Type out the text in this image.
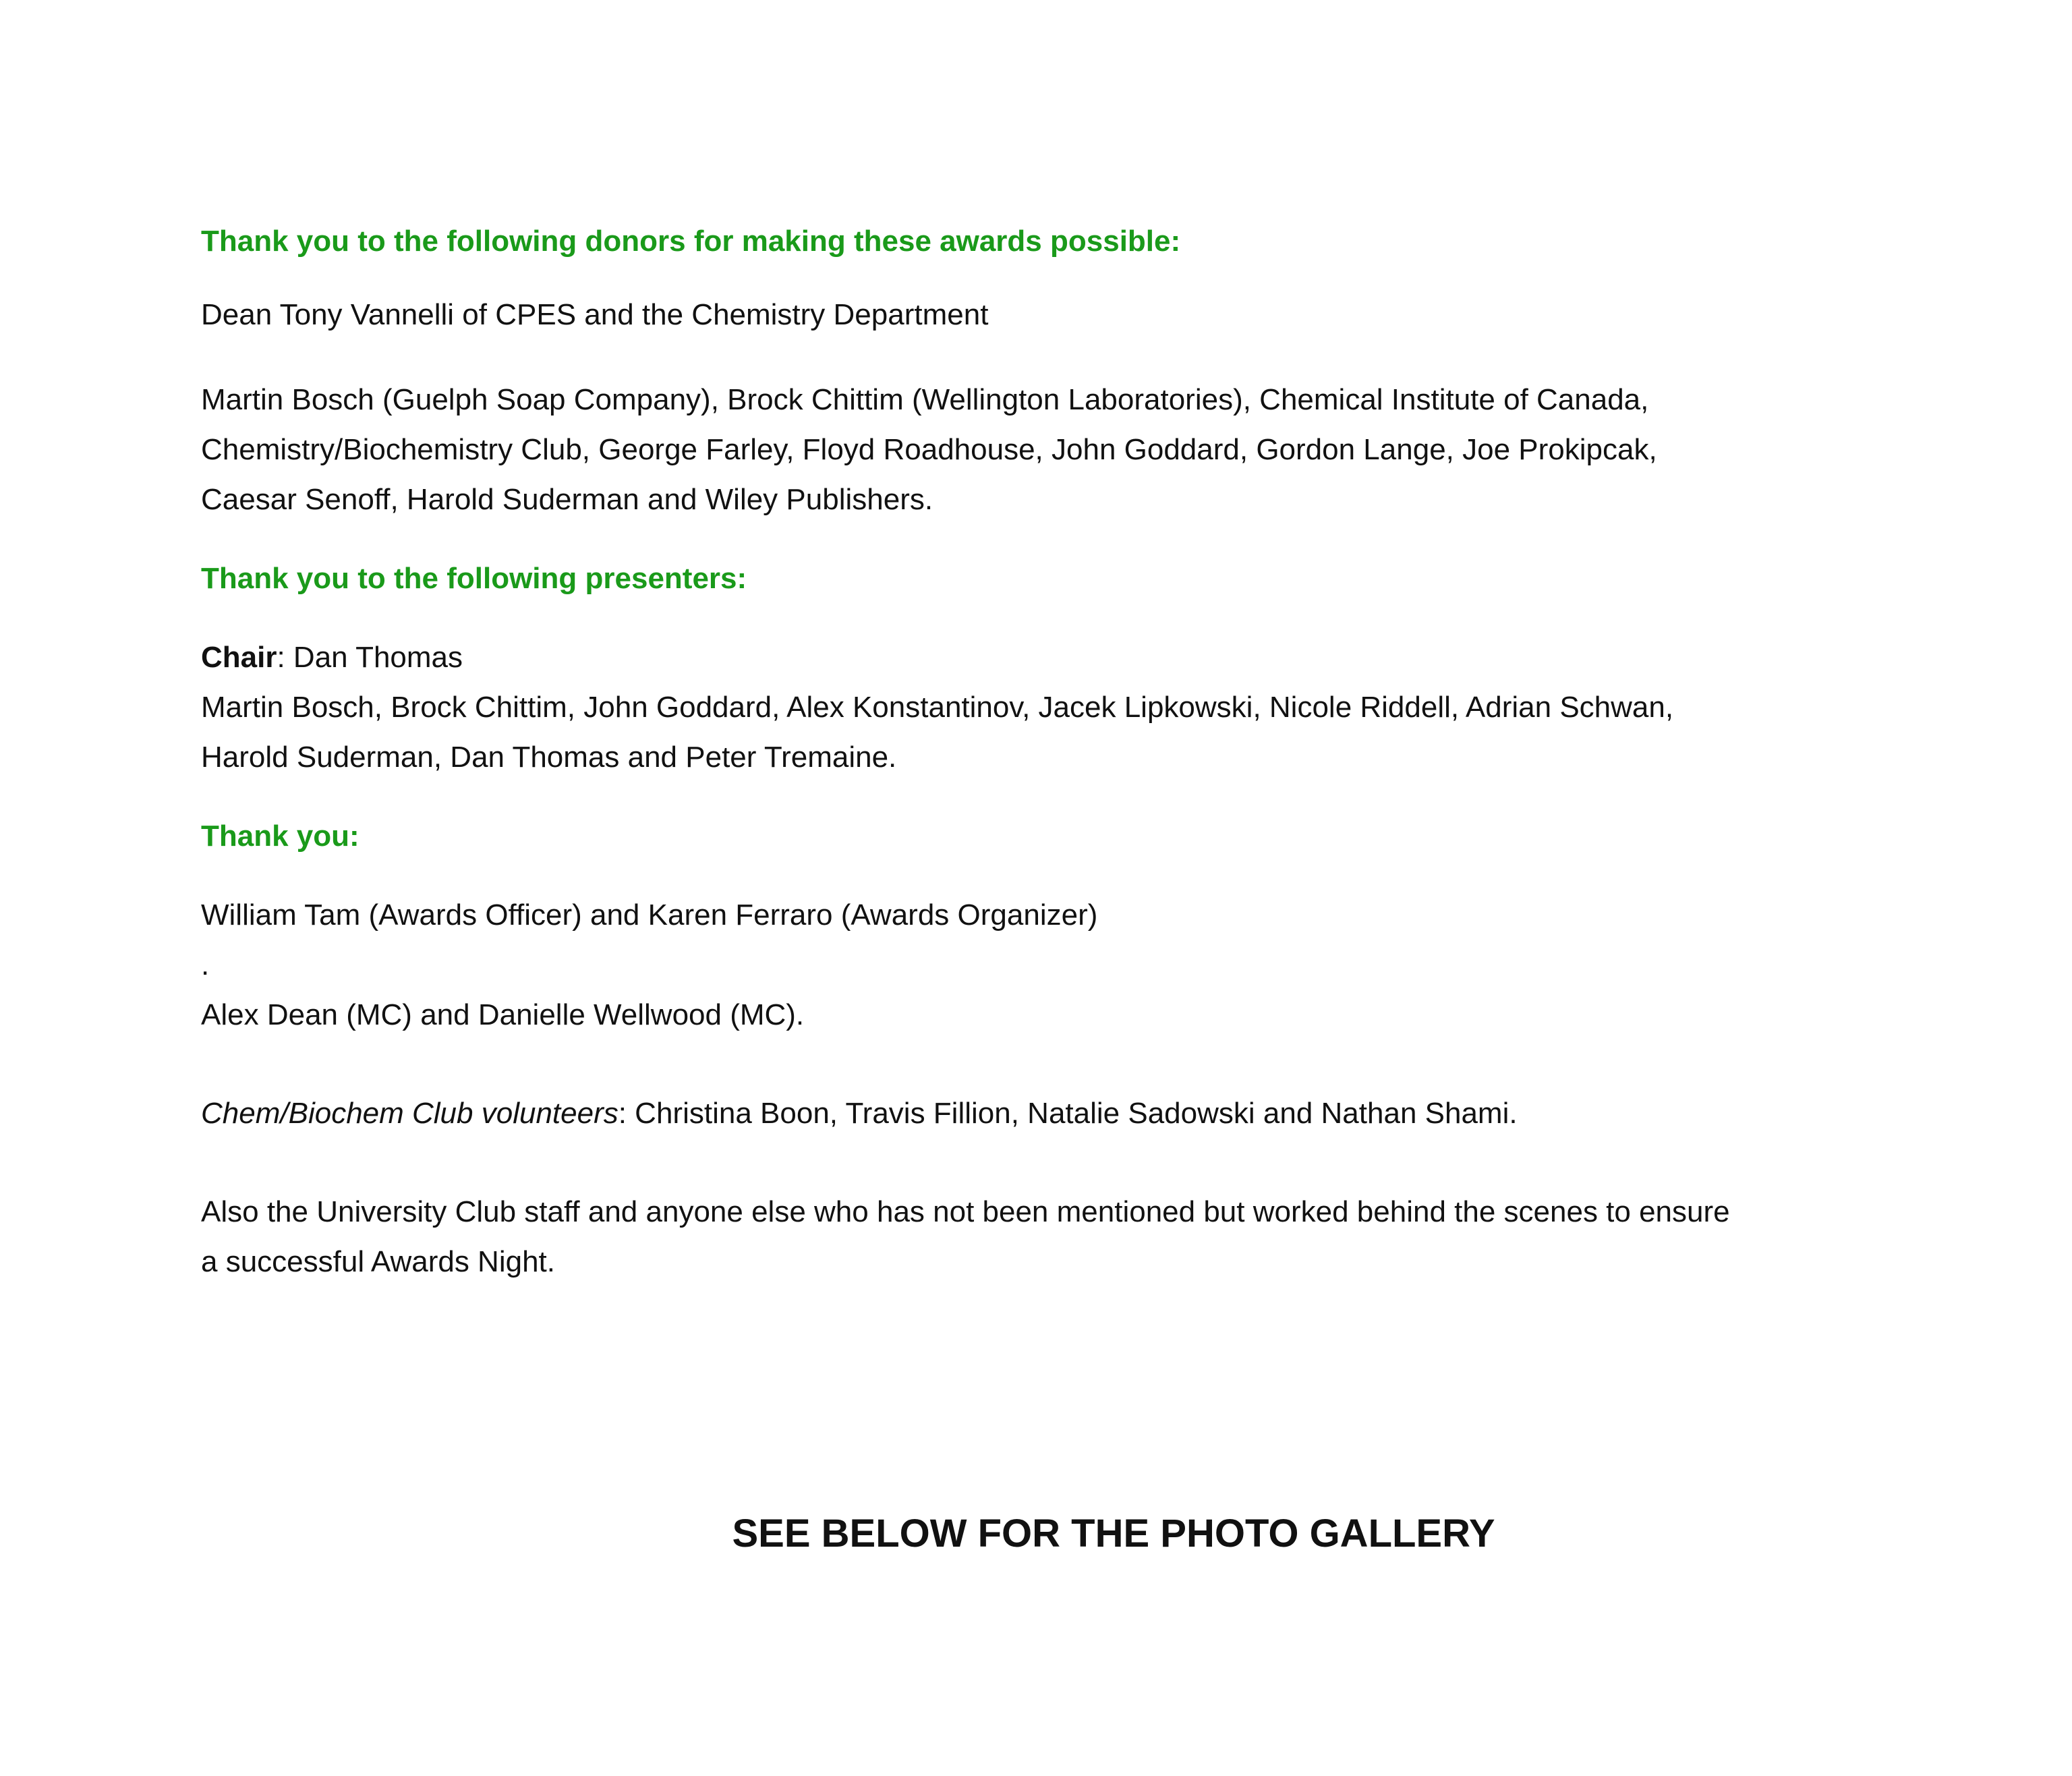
Thank you to the following donors for making these awards possible:

Dean Tony Vannelli of CPES and the Chemistry Department

Martin Bosch (Guelph Soap Company), Brock Chittim (Wellington Laboratories), Chemical Institute of Canada,

Chemistry/Biochemistry Club, George Farley, Floyd Roadhouse, John Goddard, Gordon Lange, Joe Prokipcak,

Caesar Senoff, Harold Suderman and Wiley Publishers.

Thank you to the following presenters:

Chair: Dan Thomas

Martin Bosch, Brock Chittim, John Goddard, Alex Konstantinov, Jacek Lipkowski, Nicole Riddell, Adrian Schwan,

Harold Suderman, Dan Thomas and Peter Tremaine.

Thank you:

William Tam (Awards Officer) and Karen Ferraro (Awards Organizer)

.

Alex Dean (MC) and Danielle Wellwood (MC).

Chem/Biochem Club volunteers: Christina Boon, Travis Fillion, Natalie Sadowski and Nathan Shami.

Also the University Club staff and anyone else who has not been mentioned but worked behind the scenes to ensure

a successful Awards Night.

SEE BELOW FOR THE PHOTO GALLERY
